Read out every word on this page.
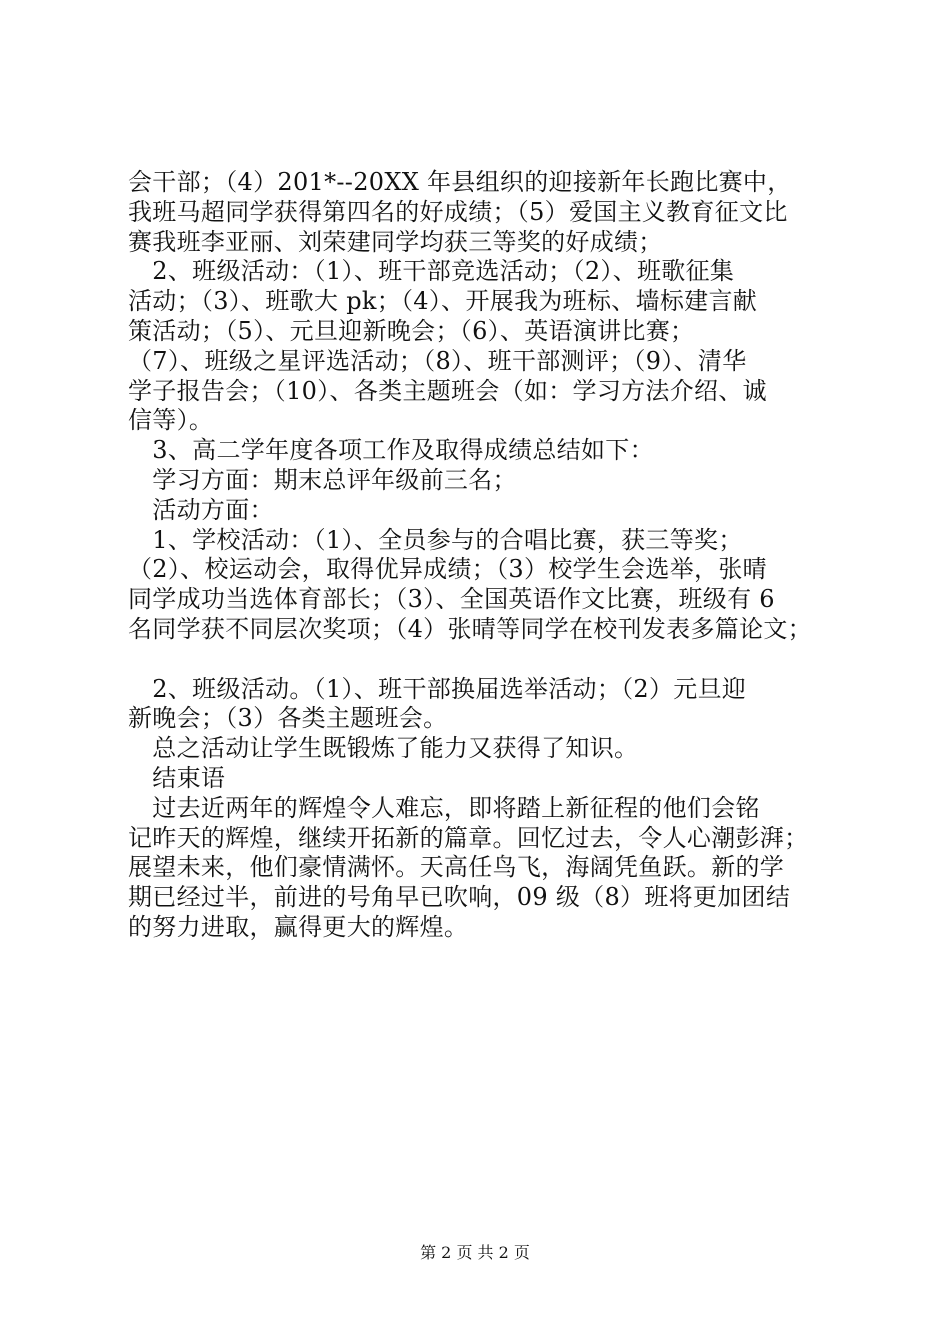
会干部；（4）201*--20XX 年县组织的迎接新年长跑比赛中，

我班马超同学获得第四名的好成绩；（5）爱国主义教育征文比

赛我班李亚丽、刘荣建同学均获三等奖的好成绩；

　2、班级活动：（1）、班干部竞选活动；（2）、班歌征集

活动；（3）、班歌大 pk；（4）、开展我为班标、墙标建言献

策活动；（5）、元旦迎新晚会；（6）、英语演讲比赛；

（7）、班级之星评选活动；（8）、班干部测评；（9）、清华

学子报告会；（10）、各类主题班会（如：学习方法介绍、诚

信等）。

　3、高二学年度各项工作及取得成绩总结如下：

　学习方面：期末总评年级前三名；

　活动方面：

　1、学校活动：（1）、全员参与的合唱比赛，获三等奖；

（2）、校运动会，取得优异成绩；（3）校学生会选举，张晴

同学成功当选体育部长；（3）、全国英语作文比赛，班级有 6

名同学获不同层次奖项；（4）张晴等同学在校刊发表多篇论文；

　2、班级活动。（1）、班干部换届选举活动；（2）元旦迎

新晚会；（3）各类主题班会。

　总之活动让学生既锻炼了能力又获得了知识。

　结束语

　过去近两年的辉煌令人难忘，即将踏上新征程的他们会铭

记昨天的辉煌，继续开拓新的篇章。回忆过去，令人心潮彭湃；

展望未来，他们豪情满怀。天高任鸟飞，海阔凭鱼跃。新的学

期已经过半，前进的号角早已吹响，09 级（8）班将更加团结

的努力进取，赢得更大的辉煌。

第 2 页 共 2 页
